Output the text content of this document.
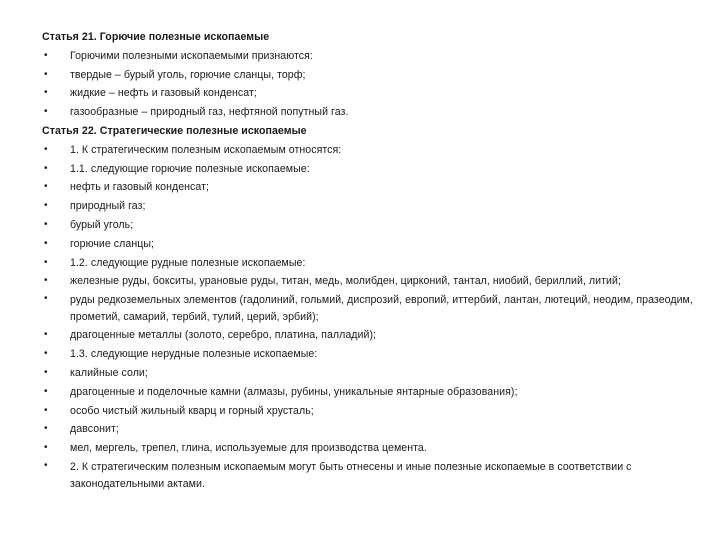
Статья 21. Горючие полезные ископаемые
• Горючими полезными ископаемыми признаются:
• твердые – бурый уголь, горючие сланцы, торф;
• жидкие – нефть и газовый конденсат;
• газообразные – природный газ, нефтяной попутный газ.
Статья 22. Стратегические полезные ископаемые
• 1. К стратегическим полезным ископаемым относятся:
• 1.1. следующие горючие полезные ископаемые:
• нефть и газовый конденсат;
• природный газ;
• бурый уголь;
• горючие сланцы;
• 1.2. следующие рудные полезные ископаемые:
• железные руды, бокситы, урановые руды, титан, медь, молибден, цирконий, тантал, ниобий, бериллий, литий;
• руды редкоземельных элементов (гадолиний, гольмий, диспрозий, европий, иттербий, лантан, лютеций, неодим, празеодим, прометий, самарий, тербий, тулий, церий, эрбий);
• драгоценные металлы (золото, серебро, платина, палладий);
• 1.3. следующие нерудные полезные ископаемые:
• калийные соли;
• драгоценные и поделочные камни (алмазы, рубины, уникальные янтарные образования);
• особо чистый жильный кварц и горный хрусталь;
• давсонит;
• мел, мергель, трепел, глина, используемые для производства цемента.
• 2. К стратегическим полезным ископаемым могут быть отнесены и иные полезные ископаемые в соответствии с законодательными актами.
